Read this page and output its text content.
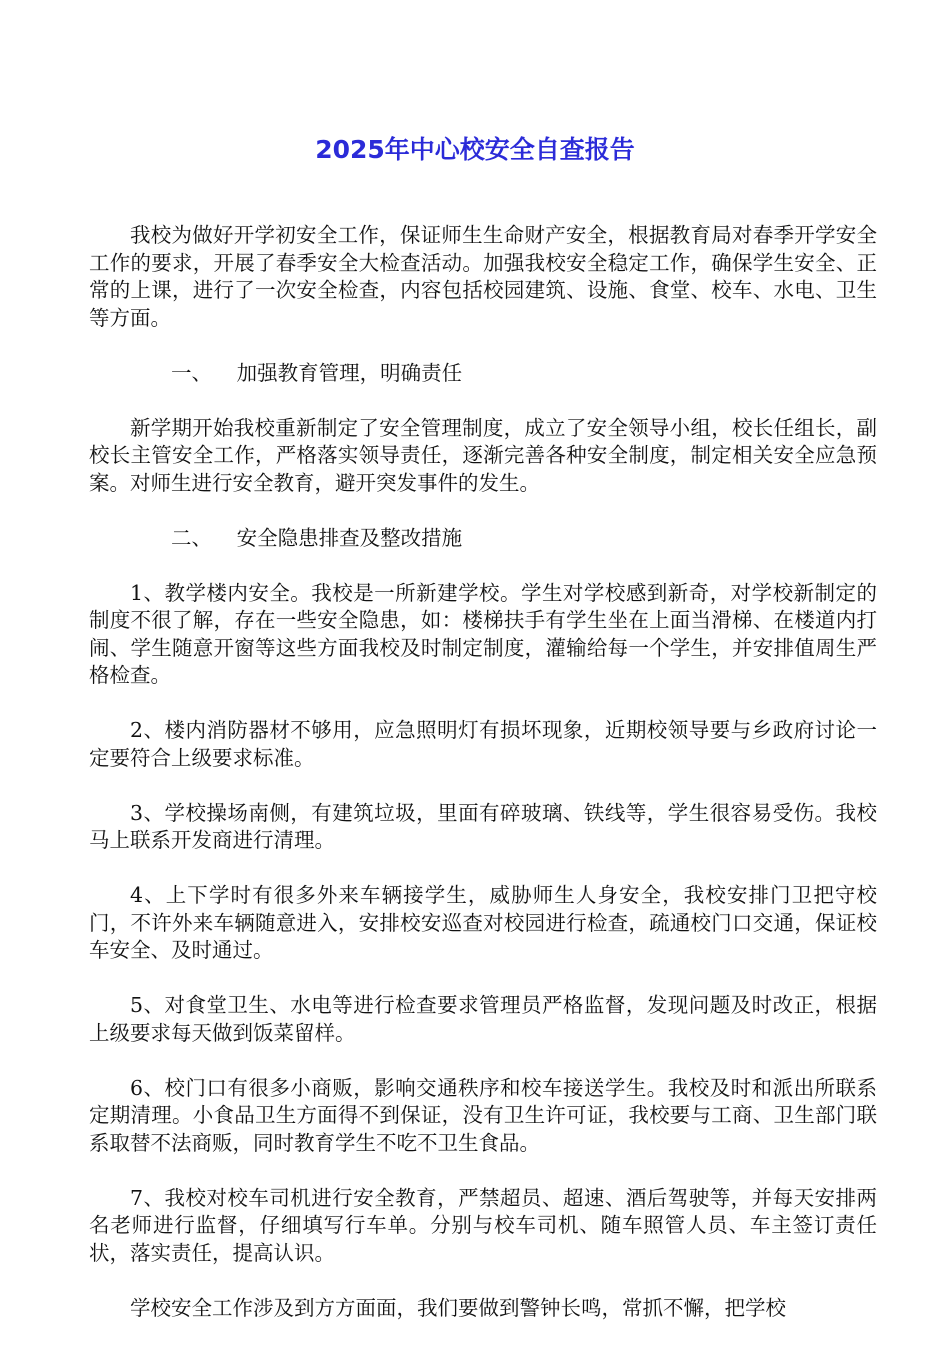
2025年中心校安全自查报告

我校为做好开学初安全工作，保证师生生命财产安全，根据教育局对春季开学安全工作的要求，开展了春季安全大检查活动。加强我校安全稳定工作，确保学生安全、正常的上课，进行了一次安全检查，内容包括校园建筑、设施、食堂、校车、水电、卫生等方面。

一、 加强教育管理，明确责任

新学期开始我校重新制定了安全管理制度，成立了安全领导小组，校长任组长，副校长主管安全工作，严格落实领导责任，逐渐完善各种安全制度，制定相关安全应急预案。对师生进行安全教育，避开突发事件的发生。

二、 安全隐患排查及整改措施

1、教学楼内安全。我校是一所新建学校。学生对学校感到新奇，对学校新制定的制度不很了解，存在一些安全隐患，如：楼梯扶手有学生坐在上面当滑梯、在楼道内打闹、学生随意开窗等这些方面我校及时制定制度，灌输给每一个学生，并安排值周生严格检查。

2、楼内消防器材不够用，应急照明灯有损坏现象，近期校领导要与乡政府讨论一定要符合上级要求标准。

3、学校操场南侧，有建筑垃圾，里面有碎玻璃、铁线等，学生很容易受伤。我校马上联系开发商进行清理。

4、上下学时有很多外来车辆接学生，威胁师生人身安全，我校安排门卫把守校门，不许外来车辆随意进入，安排校安巡查对校园进行检查，疏通校门口交通，保证校车安全、及时通过。

5、对食堂卫生、水电等进行检查要求管理员严格监督，发现问题及时改正，根据上级要求每天做到饭菜留样。

6、校门口有很多小商贩，影响交通秩序和校车接送学生。我校及时和派出所联系定期清理。小食品卫生方面得不到保证，没有卫生许可证，我校要与工商、卫生部门联系取替不法商贩，同时教育学生不吃不卫生食品。

7、我校对校车司机进行安全教育，严禁超员、超速、酒后驾驶等，并每天安排两名老师进行监督，仔细填写行车单。分别与校车司机、随车照管人员、车主签订责任状，落实责任，提高认识。

学校安全工作涉及到方方面面，我们要做到警钟长鸣，常抓不懈，把学校
